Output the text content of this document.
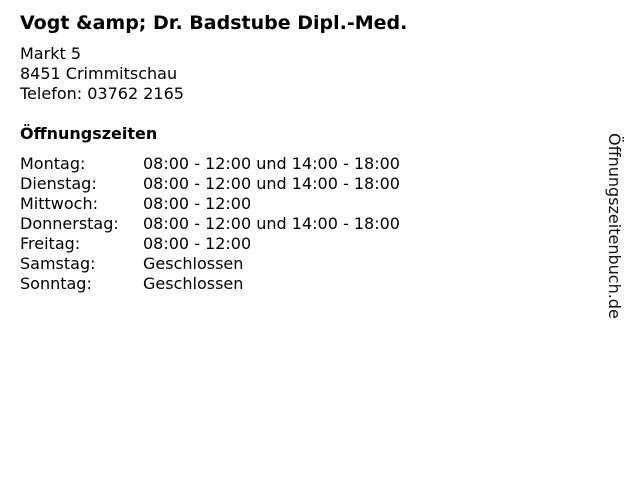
Vogt &amp; Dr. Badstube Dipl.-Med.
Markt 5
8451 Crimmitschau
Telefon: 03762 2165
Öffnungszeiten
Montag:	08:00 - 12:00 und 14:00 - 18:00
Dienstag:	08:00 - 12:00 und 14:00 - 18:00
Mittwoch:	08:00 - 12:00
Donnerstag:	08:00 - 12:00 und 14:00 - 18:00
Freitag:	08:00 - 12:00
Samstag:	Geschlossen
Sonntag:	Geschlossen	Öffnungszeitenbuch.de
